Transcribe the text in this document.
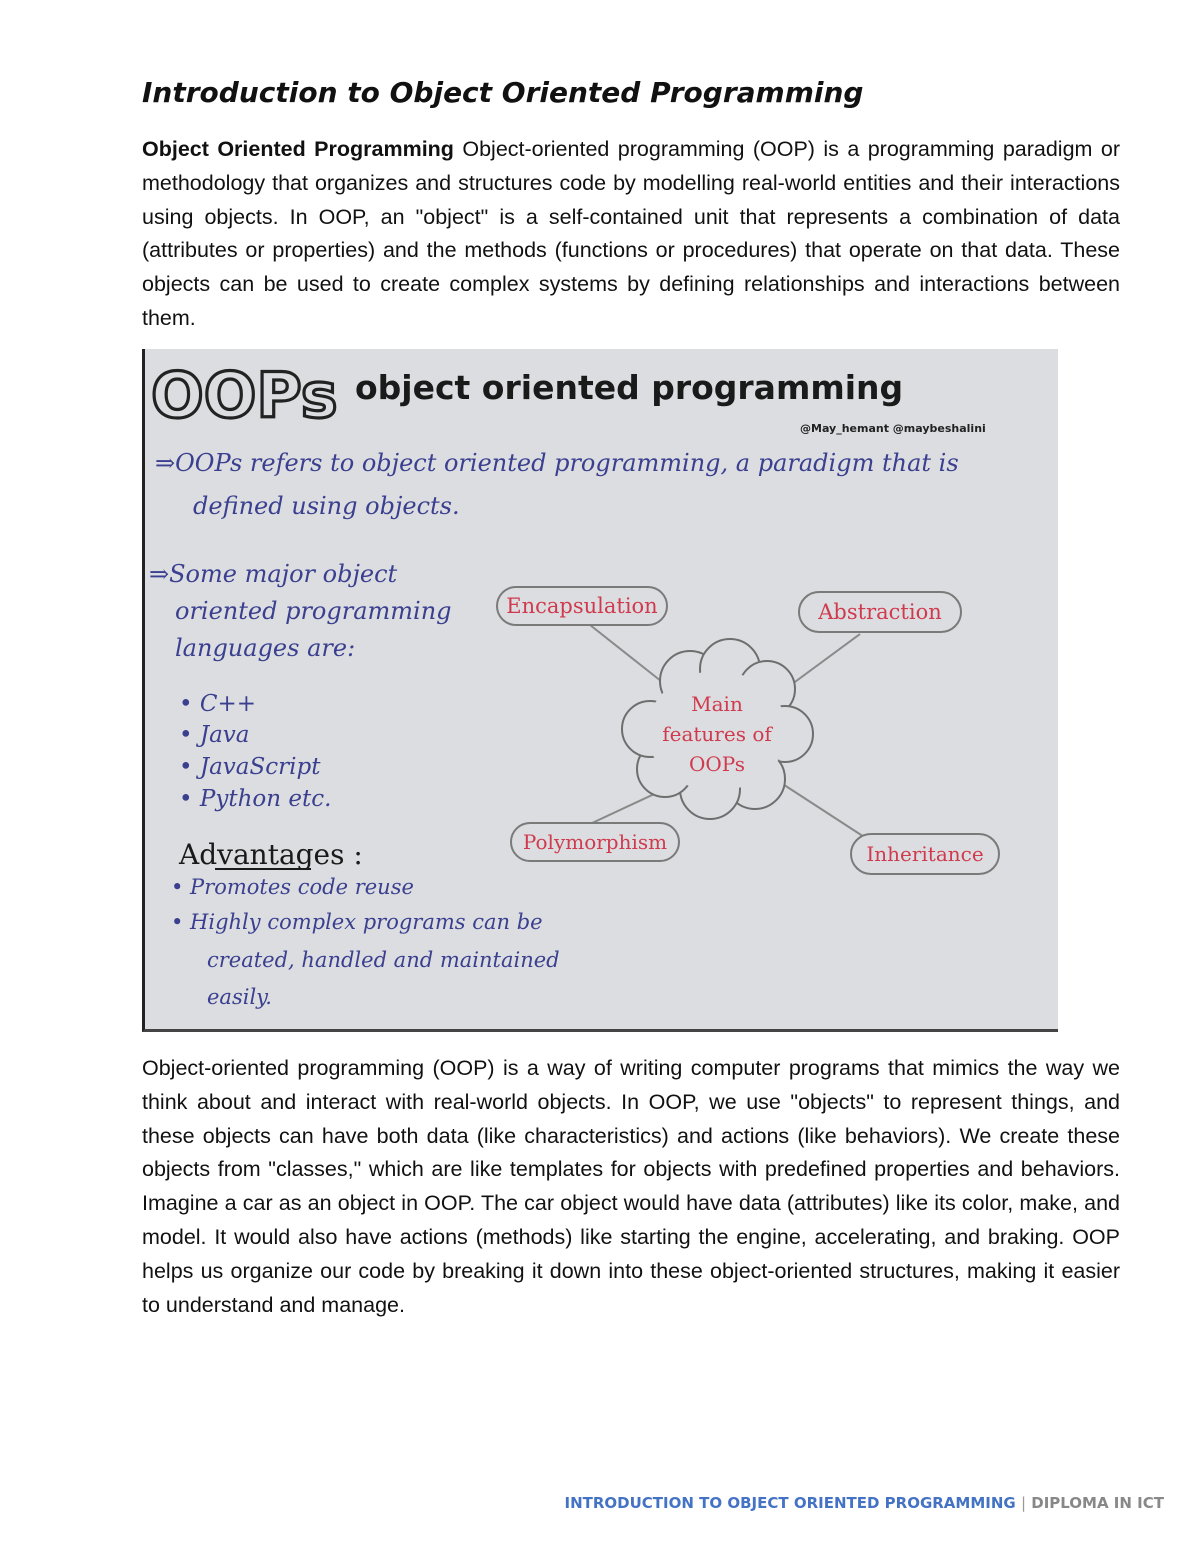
Introduction to Object Oriented Programming

Object Oriented Programming Object-oriented programming (OOP) is a programming paradigm or methodology that organizes and structures code by modelling real-world entities and their interactions using objects. In OOP, an "object" is a self-contained unit that represents a combination of data (attributes or properties) and the methods (functions or procedures) that operate on that data. These objects can be used to create complex systems by defining relationships and interactions between them.

OOPs object oriented programming
@May_hemant @maybeshalini
⇒OOPs refers to object oriented programming, a paradigm that is
defined using objects.
⇒Some major object
oriented programming
languages are:
• C++
• Java
• JavaScript
• Python etc.
Advantages :
• Promotes code reuse
• Highly complex programs can be
created, handled and maintained
easily.
Encapsulation	Abstraction
Polymorphism	Inheritance
Main
features of
OOPs

Object-oriented programming (OOP) is a way of writing computer programs that mimics the way we think about and interact with real-world objects. In OOP, we use "objects" to represent things, and these objects can have both data (like characteristics) and actions (like behaviors). We create these objects from "classes," which are like templates for objects with predefined properties and behaviors. Imagine a car as an object in OOP. The car object would have data (attributes) like its color, make, and model. It would also have actions (methods) like starting the engine, accelerating, and braking. OOP helps us organize our code by breaking it down into these object-oriented structures, making it easier to understand and manage.

INTRODUCTION TO OBJECT ORIENTED PROGRAMMING | DIPLOMA IN ICT
